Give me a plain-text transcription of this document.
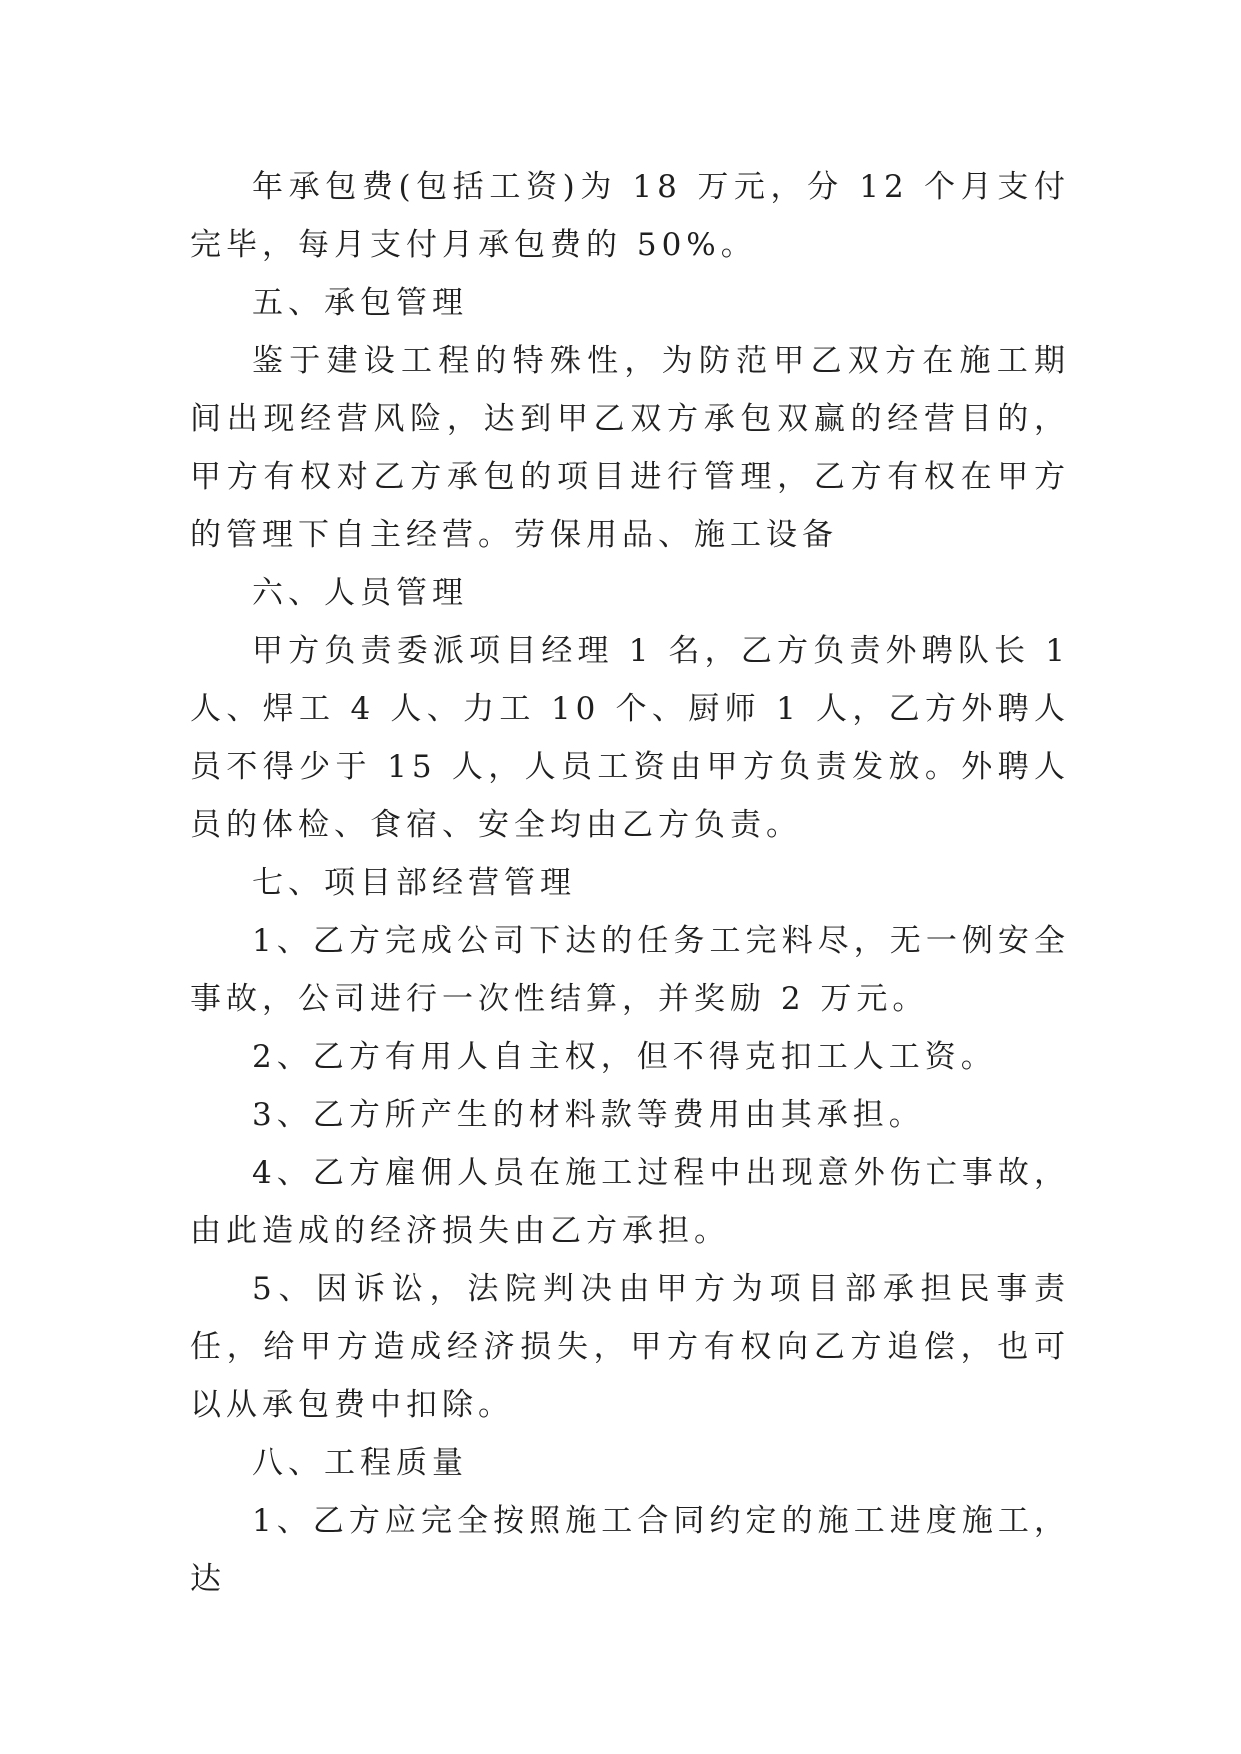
年承包费(包括工资)为 18 万元，分 12 个月支付完毕，每月支付月承包费的 50%。

五、承包管理

鉴于建设工程的特殊性，为防范甲乙双方在施工期间出现经营风险，达到甲乙双方承包双赢的经营目的，甲方有权对乙方承包的项目进行管理，乙方有权在甲方的管理下自主经营。劳保用品、施工设备

六、人员管理

甲方负责委派项目经理 1 名，乙方负责外聘队长 1 人、焊工 4 人、力工 10 个、厨师 1 人，乙方外聘人员不得少于 15 人，人员工资由甲方负责发放。外聘人员的体检、食宿、安全均由乙方负责。

七、项目部经营管理

1、乙方完成公司下达的任务工完料尽，无一例安全事故，公司进行一次性结算，并奖励 2 万元。

2、乙方有用人自主权，但不得克扣工人工资。

3、乙方所产生的材料款等费用由其承担。

4、乙方雇佣人员在施工过程中出现意外伤亡事故，由此造成的经济损失由乙方承担。

5、因诉讼，法院判决由甲方为项目部承担民事责任，给甲方造成经济损失，甲方有权向乙方追偿，也可以从承包费中扣除。

八、工程质量

1、乙方应完全按照施工合同约定的施工进度施工，达
